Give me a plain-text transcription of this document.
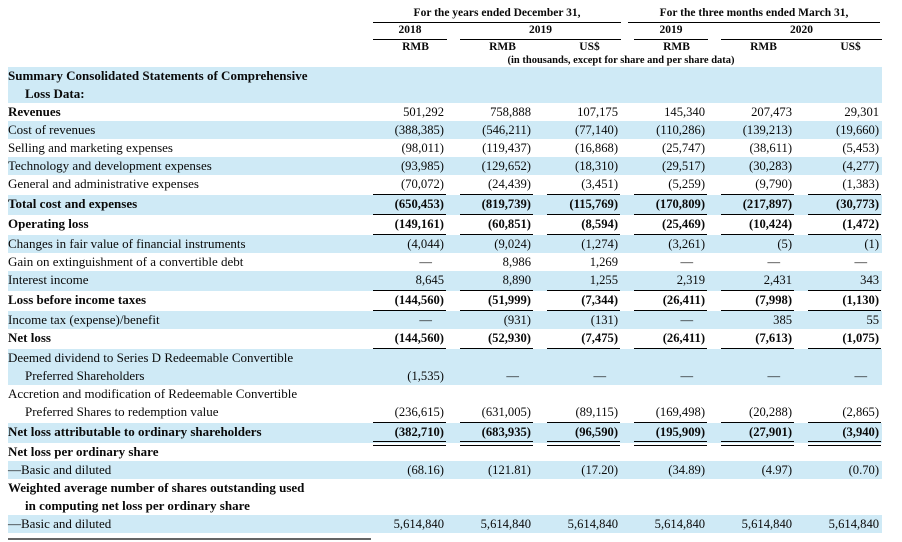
	For the years ended December 31,			For the three months ended March 31,		

	2018	2019		2019	2020	

	RMB	RMB	US$	RMB	RMB	US$
	(in thousands, except for share and per share data)					

Summary Consolidated Statements of Comprehensive
Loss Data:						

Revenues	501,292	758,888	107,175	145,340	207,473	29,301

Cost of revenues	(388,385)	(546,211)	(77,140)	(110,286)	(139,213)	(19,660)

Selling and marketing expenses	(98,011)	(119,437)	(16,868)	(25,747)	(38,611)	(5,453)

Technology and development expenses	(93,985)	(129,652)	(18,310)	(29,517)	(30,283)	(4,277)

General and administrative expenses	(70,072)	(24,439)	(3,451)	(5,259)	(9,790)	(1,383)

Total cost and expenses	(650,453)	(819,739)	(115,769)	(170,809)	(217,897)	(30,773)

Operating loss	(149,161)	(60,851)	(8,594)	(25,469)	(10,424)	(1,472)

Changes in fair value of financial instruments	(4,044)	(9,024)	(1,274)	(3,261)	(5)	(1)

Gain on extinguishment of a convertible debt	—	8,986	1,269	—	—	—

Interest income	8,645	8,890	1,255	2,319	2,431	343

Loss before income taxes	(144,560)	(51,999)	(7,344)	(26,411)	(7,998)	(1,130)

Income tax (expense)/benefit	—	(931)	(131)	—	385	55

Net loss	(144,560)	(52,930)	(7,475)	(26,411)	(7,613)	(1,075)

Deemed dividend to Series D Redeemable Convertible
Preferred Shareholders	(1,535)	—	—	—	—	—

Accretion and modification of Redeemable Convertible
Preferred Shares to redemption value	(236,615)	(631,005)	(89,115)	(169,498)	(20,288)	(2,865)

Net loss attributable to ordinary shareholders	(382,710)	(683,935)	(96,590)	(195,909)	(27,901)	(3,940)

Net loss per ordinary share						

—Basic and diluted	(68.16)	(121.81)	(17.20)	(34.89)	(4.97)	(0.70)

Weighted average number of shares outstanding used
in computing net loss per ordinary share						

—Basic and diluted	5,614,840	5,614,840	5,614,840	5,614,840	5,614,840	5,614,840
